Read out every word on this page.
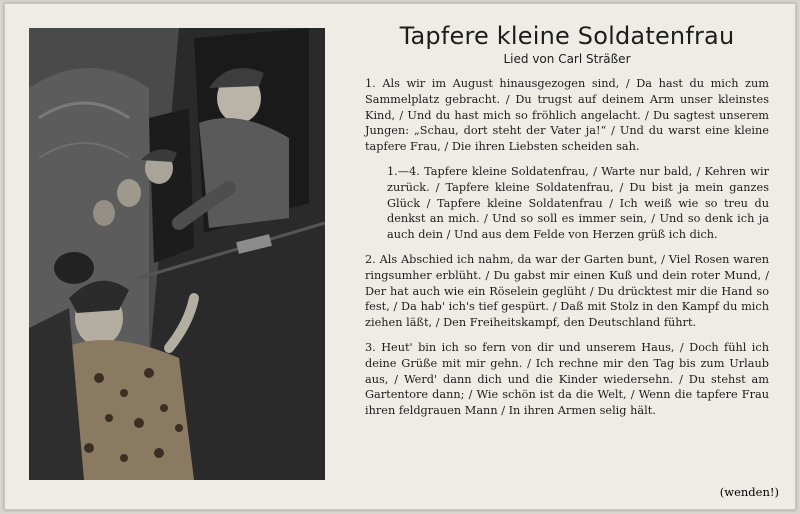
Tapfere kleine Soldatenfrau
Lied von Carl Sträßer

1. Als wir im August hinausgezogen sind, / Da hast du mich zum Sammelplatz gebracht. / Du trugst auf deinem Arm unser kleinstes Kind, / Und du hast mich so fröhlich angelacht. / Du sagtest unserem Jungen: „Schau, dort steht der Vater ja!“ / Und du warst eine kleine tapfere Frau, / Die ihren Liebsten scheiden sah.

1.—4. Tapfere kleine Soldatenfrau, / Warte nur bald, / Kehren wir zurück. / Tapfere kleine Soldatenfrau, / Du bist ja mein ganzes Glück / Tapfere kleine Soldatenfrau / Ich weiß wie so treu du denkst an mich. / Und so soll es immer sein, / Und so denk ich ja auch dein / Und aus dem Felde von Herzen grüß ich dich.

2. Als Abschied ich nahm, da war der Garten bunt, / Viel Rosen waren ringsumher erblüht. / Du gabst mir einen Kuß und dein roter Mund, / Der hat auch wie ein Röselein geglüht / Du drücktest mir die Hand so fest, / Da hab' ich's tief gespürt. / Daß mit Stolz in den Kampf du mich ziehen läßt, / Den Freiheitskampf, den Deutschland führt.

3. Heut' bin ich so fern von dir und unserem Haus, / Doch fühl ich deine Grüße mit mir gehn. / Ich rechne mir den Tag bis zum Urlaub aus, / Werd' dann dich und die Kinder wiedersehn. / Du stehst am Gartentore dann; / Wie schön ist da die Welt, / Wenn die tapfere Frau ihren feldgrauen Mann / In ihren Armen selig hält.

(wenden!)
